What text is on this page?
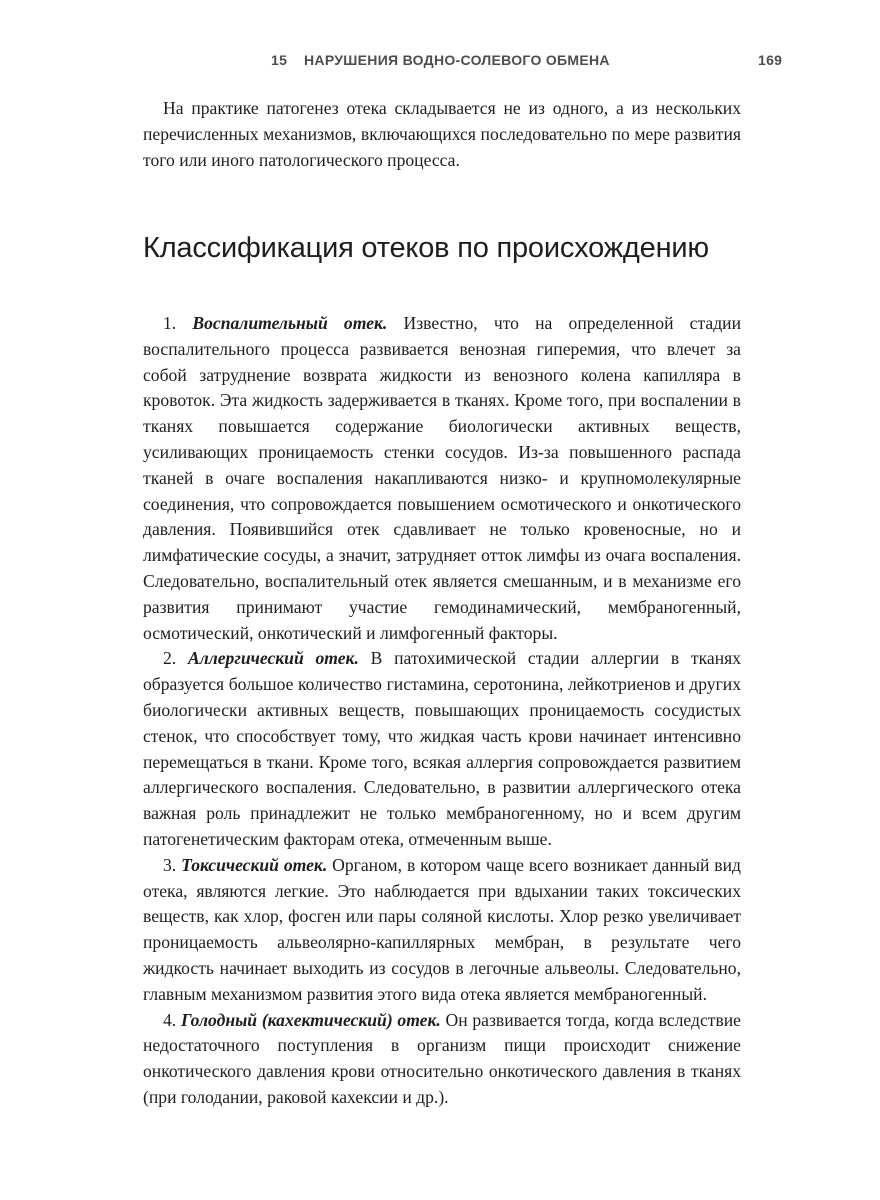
15 НАРУШЕНИЯ ВОДНО-СОЛЕВОГО ОБМЕНА	169

На практике патогенез отека складывается не из одного, а из нескольких перечисленных механизмов, включающихся последовательно по мере развития того или иного патологического процесса.

Классификация отеков по происхождению

1. Воспалительный отек. Известно, что на определенной стадии воспалительного процесса развивается венозная гиперемия, что влечет за собой затруднение возврата жидкости из венозного колена капилляра в кровоток. Эта жидкость задерживается в тканях. Кроме того, при воспалении в тканях повышается содержание биологически активных веществ, усиливающих проницаемость стенки сосудов. Из-за повышенного распада тканей в очаге воспаления накапливаются низко- и крупномолекулярные соединения, что сопровождается повышением осмотического и онкотического давления. Появившийся отек сдавливает не только кровеносные, но и лимфатические сосуды, а значит, затрудняет отток лимфы из очага воспаления. Следовательно, воспалительный отек является смешанным, и в механизме его развития принимают участие гемодинамический, мембраногенный, осмотический, онкотический и лимфогенный факторы.

2. Аллергический отек. В патохимической стадии аллергии в тканях образуется большое количество гистамина, серотонина, лейкотриенов и других биологически активных веществ, повышающих проницаемость сосудистых стенок, что способствует тому, что жидкая часть крови начинает интенсивно перемещаться в ткани. Кроме того, всякая аллергия сопровождается развитием аллергического воспаления. Следовательно, в развитии аллергического отека важная роль принадлежит не только мембраногенному, но и всем другим патогенетическим факторам отека, отмеченным выше.

3. Токсический отек. Органом, в котором чаще всего возникает данный вид отека, являются легкие. Это наблюдается при вдыхании таких токсических веществ, как хлор, фосген или пары соляной кислоты. Хлор резко увеличивает проницаемость альвеолярно-капиллярных мембран, в результате чего жидкость начинает выходить из сосудов в легочные альвеолы. Следовательно, главным механизмом развития этого вида отека является мембраногенный.

4. Голодный (кахектический) отек. Он развивается тогда, когда вследствие недостаточного поступления в организм пищи происходит снижение онкотического давления крови относительно онкотического давления в тканях (при голодании, раковой кахексии и др.).
